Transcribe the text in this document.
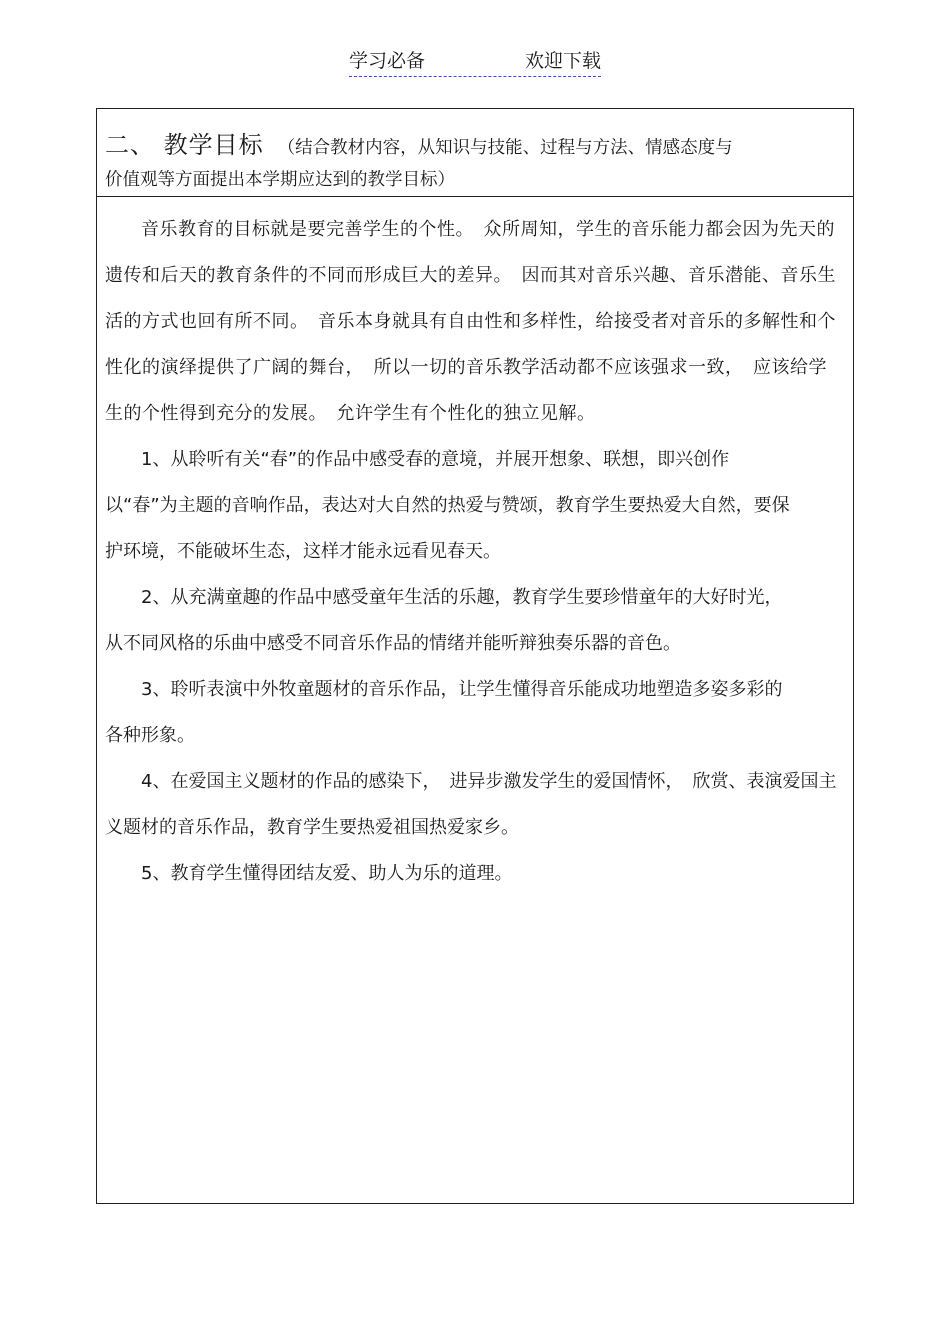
学习必备	欢迎下载
二、 教学目标 （结合教材内容，从知识与技能、过程与方法、情感态度与
价值观等方面提出本学期应达到的教学目标）

音乐教育的目标就是要完善学生的个性。　众所周知，学生的音乐能力都会因为先天的遗传和后天的教育条件的不同而形成巨大的差异。　因而其对音乐兴趣、音乐潜能、音乐生活的方式也回有所不同。　音乐本身就具有自由性和多样性，给接受者对音乐的多解性和个性化的演绎提供了广阔的舞台，　所以一切的音乐教学活动都不应该强求一致，　应该给学生的个性得到充分的发展。　允许学生有个性化的独立见解。

1、从聆听有关“春”的作品中感受春的意境，并展开想象、联想，即兴创作以“春”为主题的音响作品，表达对大自然的热爱与赞颂，教育学生要热爱大自然，要保护环境，不能破坏生态，这样才能永远看见春天。

2、从充满童趣的作品中感受童年生活的乐趣，教育学生要珍惜童年的大好时光，从不同风格的乐曲中感受不同音乐作品的情绪并能听辩独奏乐器的音色。

3、聆听表演中外牧童题材的音乐作品，让学生懂得音乐能成功地塑造多姿多彩的各种形象。

4、在爱国主义题材的作品的感染下，　进异步激发学生的爱国情怀，　欣赏、表演爱国主义题材的音乐作品，教育学生要热爱祖国热爱家乡。

5、教育学生懂得团结友爱、助人为乐的道理。
